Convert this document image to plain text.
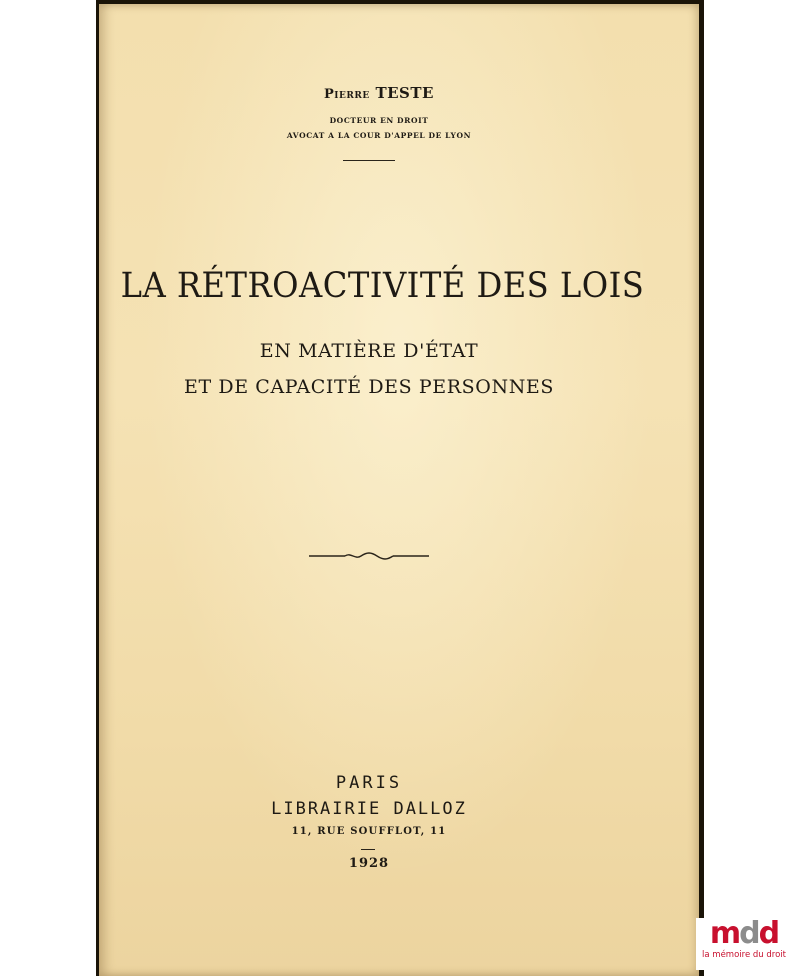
Pierre TESTE
DOCTEUR EN DROIT
AVOCAT A LA COUR D'APPEL DE LYON
LA RÉTROACTIVITÉ DES LOIS
EN MATIÈRE D'ÉTAT
ET DE CAPACITÉ DES PERSONNES
PARIS
LIBRAIRIE DALLOZ
11, RUE SOUFFLOT, 11
1928
mdd
la mémoire du droit
